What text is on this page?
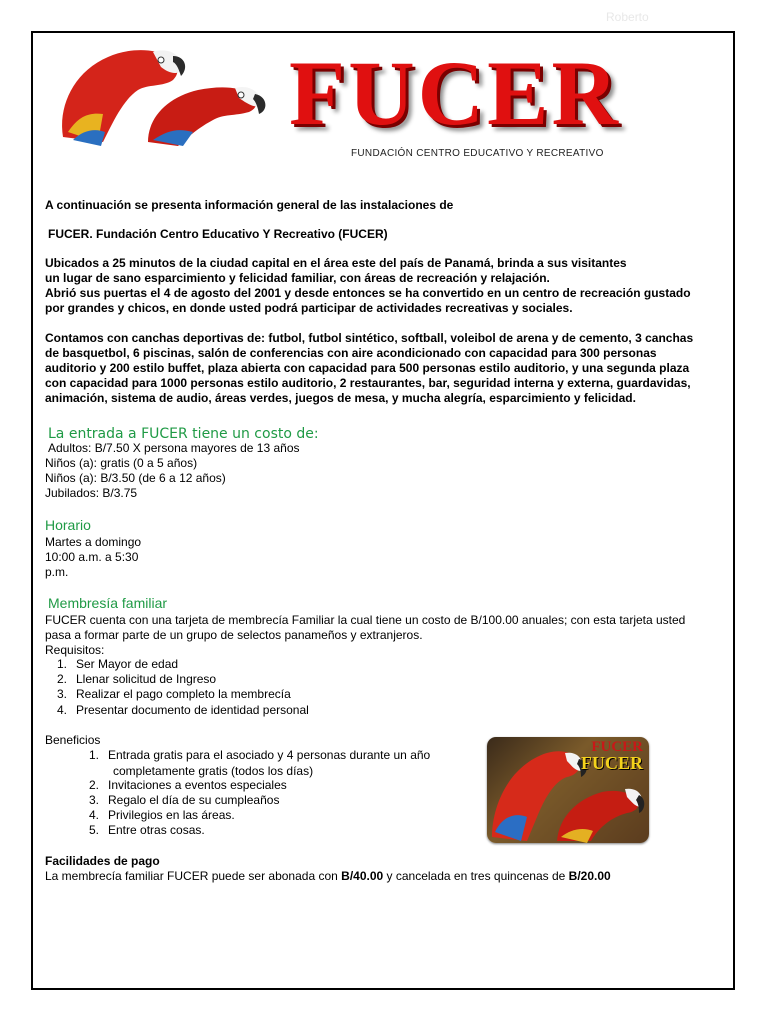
Roberto
FUCER
FUNDACIÓN CENTRO EDUCATIVO Y RECREATIVO
A continuación se presenta información general de las instalaciones de
FUCER. Fundación Centro Educativo Y Recreativo (FUCER)
Ubicados a 25 minutos de la ciudad capital en el área este del país de Panamá, brinda a sus visitantes
un lugar de sano esparcimiento y felicidad familiar, con áreas de recreación y relajación.
Abrió sus puertas el 4 de agosto del 2001 y desde entonces se ha convertido en un centro de recreación gustado
por grandes y chicos, en donde usted podrá participar de actividades recreativas y sociales.
Contamos con canchas deportivas de: futbol, futbol sintético, softball, voleibol de arena y de cemento, 3 canchas
de basquetbol, 6 piscinas, salón de conferencias con aire acondicionado con capacidad para 300 personas
auditorio y 200 estilo buffet, plaza abierta con capacidad para 500 personas estilo auditorio, y una segunda plaza
con capacidad para 1000 personas estilo auditorio, 2 restaurantes, bar, seguridad interna y externa, guardavidas,
animación, sistema de audio, áreas verdes, juegos de mesa, y mucha alegría, esparcimiento y felicidad.
La entrada a FUCER tiene un costo de:
Adultos: B/7.50 X persona mayores de 13 años
Niños (a): gratis (0 a 5 años)
Niños (a): B/3.50 (de 6 a 12 años)
Jubilados: B/3.75
Horario
Martes a domingo
10:00 a.m. a 5:30
p.m.
Membresía familiar
FUCER cuenta con una tarjeta de membrecía Familiar la cual tiene un costo de B/100.00 anuales; con esta tarjeta usted
pasa a formar parte de un grupo de selectos panameños y extranjeros.
Requisitos:
1. Ser Mayor de edad
2. Llenar solicitud de Ingreso
3. Realizar el pago completo la membrecía
4. Presentar documento de identidad personal
Beneficios
1. Entrada gratis para el asociado y 4 personas durante un año
completamente gratis (todos los días)
2. Invitaciones a eventos especiales
3. Regalo el día de su cumpleaños
4. Privilegios en las áreas.
5. Entre otras cosas.
FUCER
FUCER
Facilidades de pago
La membrecía familiar FUCER puede ser abonada con B/40.00 y cancelada en tres quincenas de B/20.00
